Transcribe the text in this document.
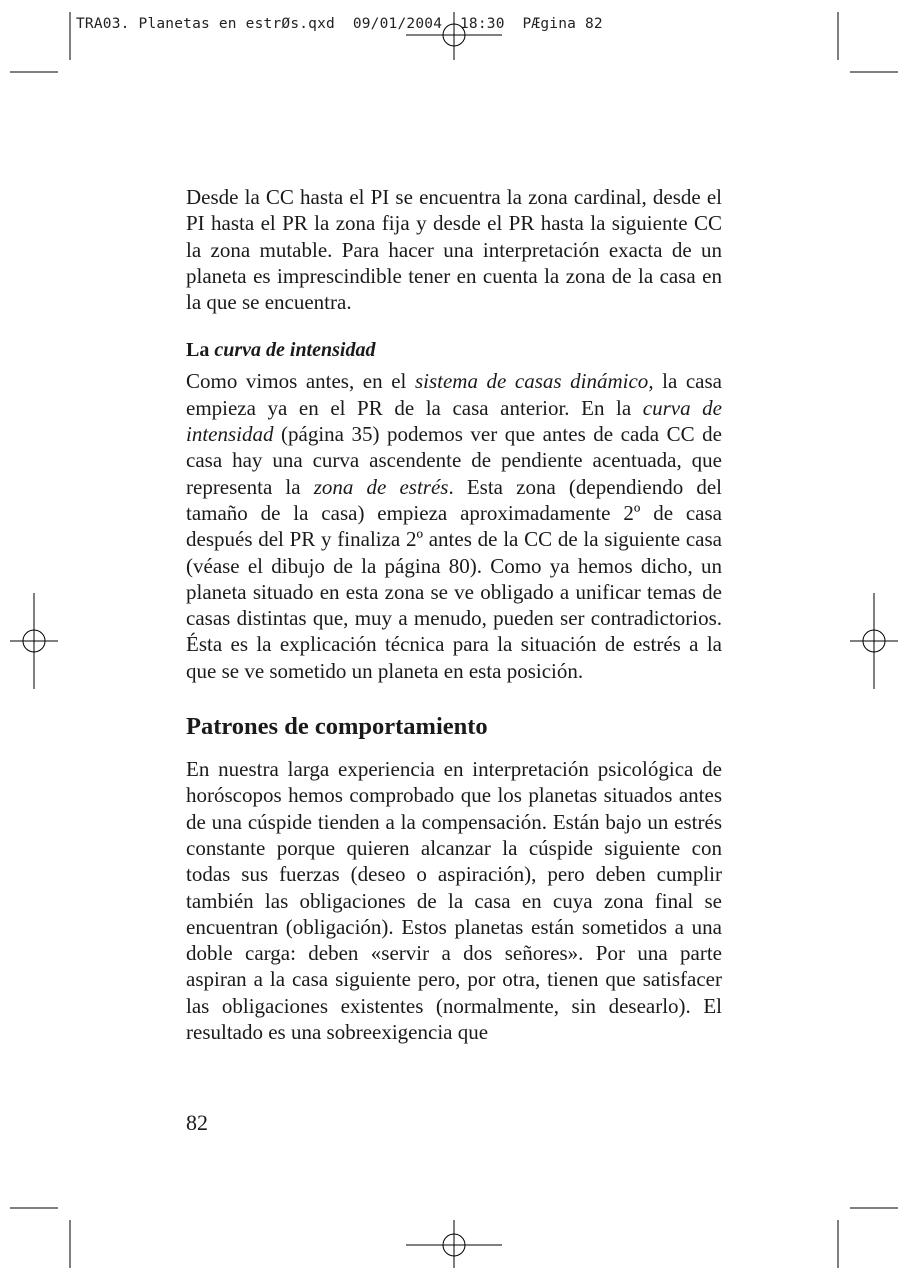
TRA03. Planetas en estrØs.qxd  09/01/2004  18:30  PÆgina 82

Desde la CC hasta el PI se encuentra la zona cardinal, desde el PI hasta el PR la zona fija y desde el PR hasta la siguiente CC la zona mutable. Para hacer una interpretación exacta de un planeta es imprescindible tener en cuenta la zona de la casa en la que se encuentra.

La curva de intensidad

Como vimos antes, en el sistema de casas dinámico, la casa empieza ya en el PR de la casa anterior. En la curva de intensidad (página 35) podemos ver que antes de cada CC de casa hay una curva ascendente de pendiente acentuada, que representa la zona de estrés. Esta zona (dependiendo del tamaño de la casa) empieza aproximadamente 2º de casa después del PR y finaliza 2º antes de la CC de la siguiente casa (véase el dibujo de la página 80). Como ya hemos dicho, un planeta situado en esta zona se ve obligado a unificar temas de casas distintas que, muy a menudo, pueden ser contradictorios. Ésta es la explicación técnica para la situación de estrés a la que se ve sometido un planeta en esta posición.

Patrones de comportamiento

En nuestra larga experiencia en interpretación psicológica de horóscopos hemos comprobado que los planetas situados antes de una cúspide tienden a la compensación. Están bajo un estrés constante porque quieren alcanzar la cúspide siguiente con todas sus fuerzas (deseo o aspiración), pero deben cumplir también las obligaciones de la casa en cuya zona final se encuentran (obligación). Estos planetas están sometidos a una doble carga: deben «servir a dos señores». Por una parte aspiran a la casa siguiente pero, por otra, tienen que satisfacer las obligaciones existentes (normalmente, sin desearlo). El resultado es una sobreexigencia que

82
